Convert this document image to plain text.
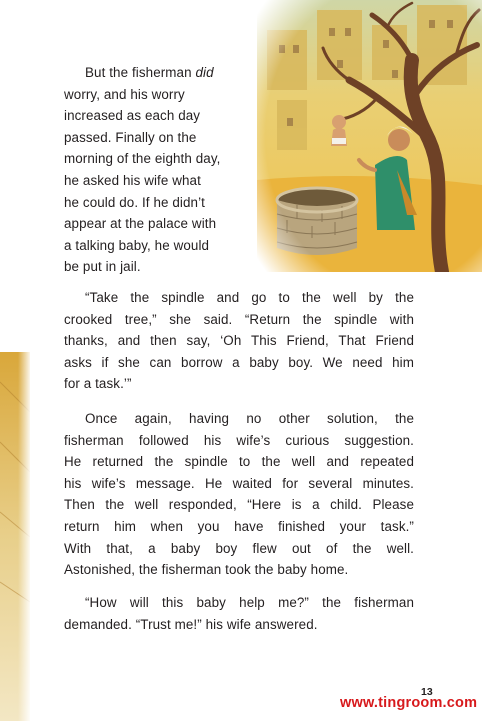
But the fisherman did
worry, and his worry
increased as each day
passed. Finally on the
morning of the eighth day,
he asked his wife what
he could do. If he didn’t
appear at the palace with
a talking baby, he would
be put in jail.
“Take the spindle and go to the well by the
crooked tree,” she said. “Return the spindle with
thanks, and then say, ‘Oh This Friend, That Friend
asks if she can borrow a baby boy. We need him
for a task.’”
Once again, having no other solution, the
fisherman followed his wife’s curious suggestion.
He returned the spindle to the well and repeated
his wife’s message. He waited for several minutes.
Then the well responded, “Here is a child. Please
return him when you have finished your task.”
With that, a baby boy flew out of the well.
Astonished, the fisherman took the baby home.
“How will this baby help me?” the fisherman
demanded. “Trust me!” his wife answered.
13
www.tingroom.com
